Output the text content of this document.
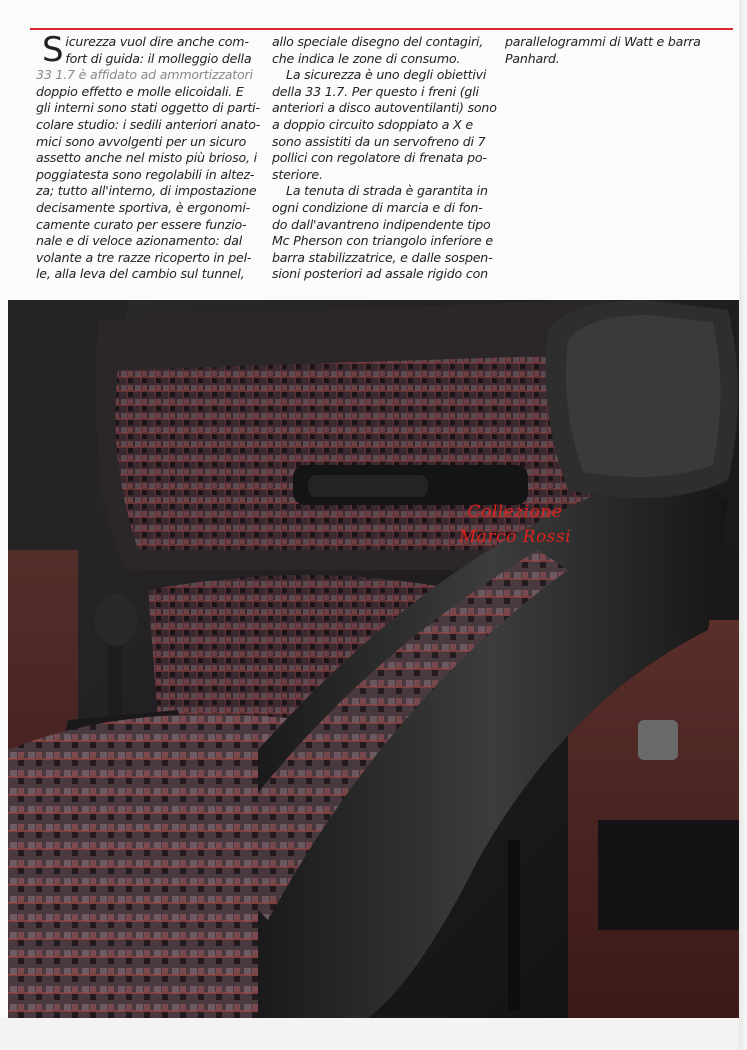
S icurezza vuol dire anche com-

fort di guida: il molleggio della

33 1.7 è affidato ad ammortizzatori

doppio effetto e molle elicoidali. E

gli interni sono stati oggetto di parti-

colare studio: i sedili anteriori anato-

mici sono avvolgenti per un sicuro

assetto anche nel misto più brioso, i

poggiatesta sono regolabili in altez-

za; tutto all'interno, di impostazione

decisamente sportiva, è ergonomi-

camente curato per essere funzio-

nale e di veloce azionamento: dal

volante a tre razze ricoperto in pel-

le, alla leva del cambio sul tunnel,

allo speciale disegno del contagiri,

che indica le zone di consumo.

La sicurezza è uno degli obiettivi

della 33 1.7. Per questo i freni (gli

anteriori a disco autoventilanti) sono

a doppio circuito sdoppiato a X e

sono assistiti da un servofreno di 7

pollici con regolatore di frenata po-

steriore.

La tenuta di strada è garantita in

ogni condizione di marcia e di fon-

do dall'avantreno indipendente tipo

Mc Pherson con triangolo inferiore e

barra stabilizzatrice, e dalle sospen-

sioni posteriori ad assale rigido con

parallelogrammi di Watt e barra

Panhard.

Collezione
Marco Rossi
